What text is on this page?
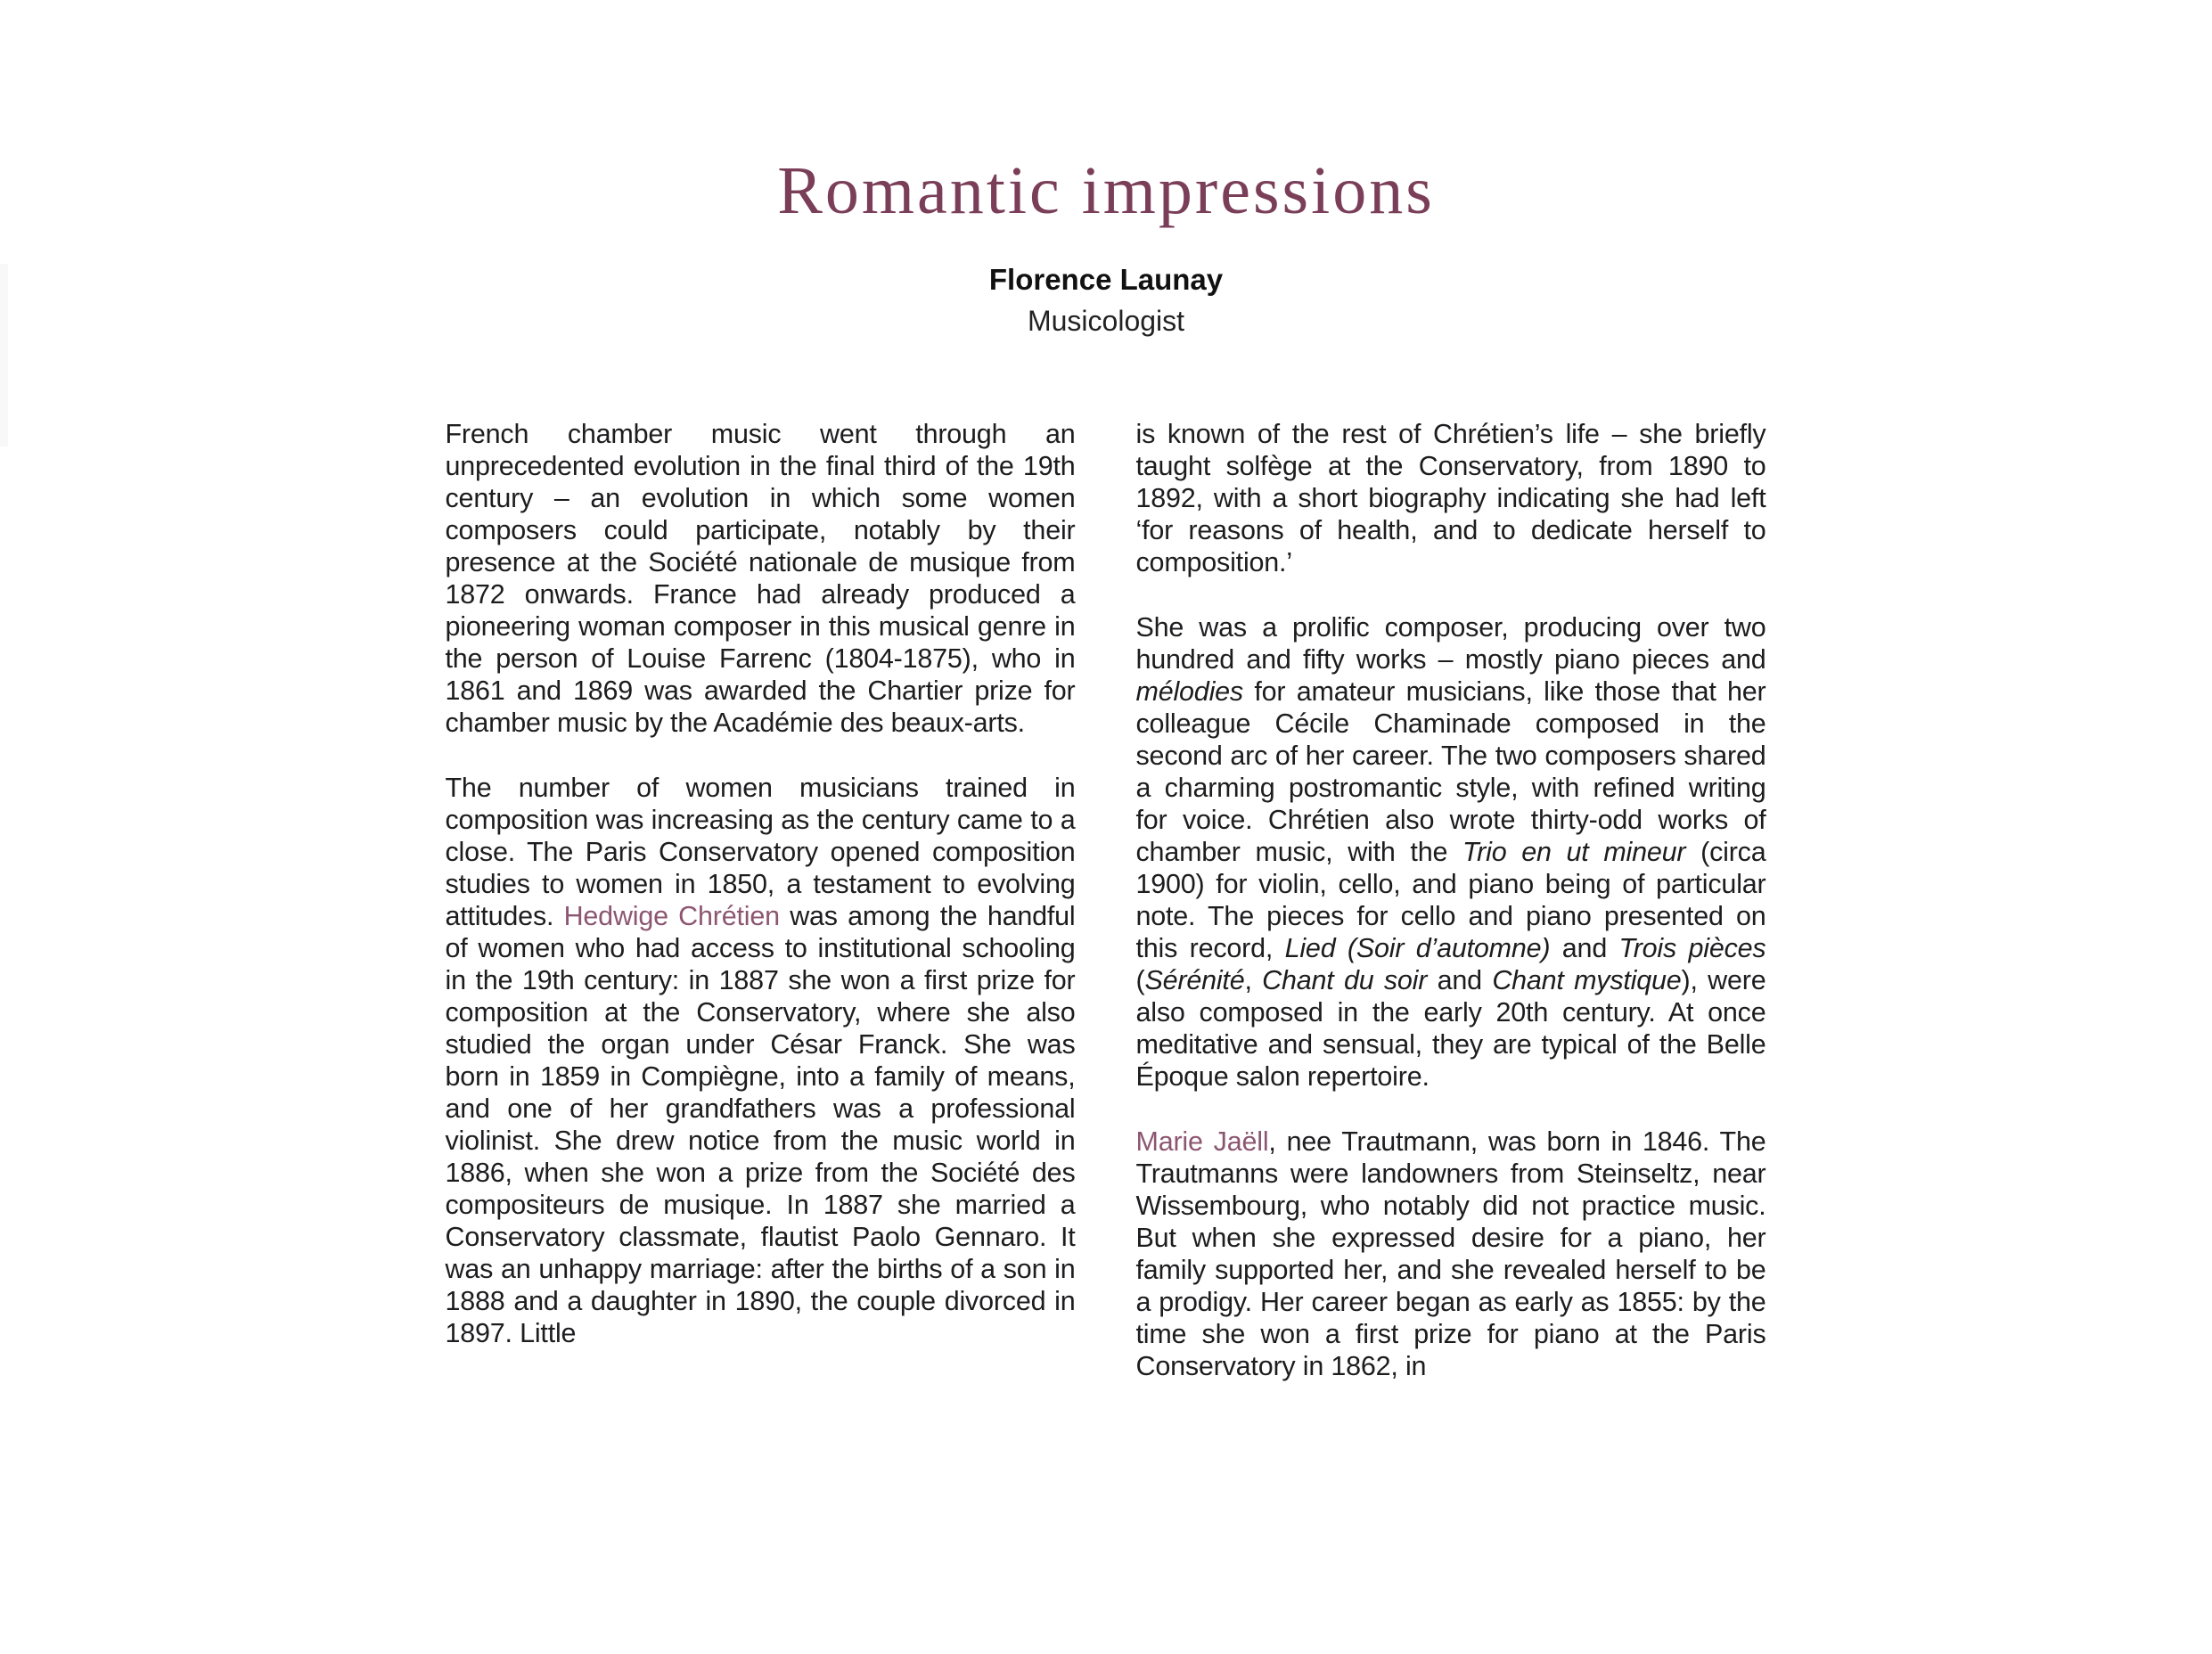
Romantic impressions
Florence Launay
Musicologist

French chamber music went through an unprecedented evolution in the final third of the 19th century – an evolution in which some women composers could participate, notably by their presence at the Société nationale de musique from 1872 onwards. France had already produced a pioneering woman composer in this musical genre in the person of Louise Farrenc (1804-1875), who in 1861 and 1869 was awarded the Chartier prize for chamber music by the Académie des beaux-arts.

The number of women musicians trained in composition was increasing as the century came to a close. The Paris Conservatory opened composition studies to women in 1850, a testament to evolving attitudes. Hedwige Chrétien was among the handful of women who had access to institutional schooling in the 19th century: in 1887 she won a first prize for composition at the Conservatory, where she also studied the organ under César Franck. She was born in 1859 in Compiègne, into a family of means, and one of her grandfathers was a professional violinist. She drew notice from the music world in 1886, when she won a prize from the Société des compositeurs de musique. In 1887 she married a Conservatory classmate, flautist Paolo Gennaro. It was an unhappy marriage: after the births of a son in 1888 and a daughter in 1890, the couple divorced in 1897. Little

is known of the rest of Chrétien’s life – she briefly taught solfège at the Conservatory, from 1890 to 1892, with a short biography indicating she had left ‘for reasons of health, and to dedicate herself to composition.’

She was a prolific composer, producing over two hundred and fifty works – mostly piano pieces and mélodies for amateur musicians, like those that her colleague Cécile Chaminade composed in the second arc of her career. The two composers shared a charming postromantic style, with refined writing for voice. Chrétien also wrote thirty-odd works of chamber music, with the Trio en ut mineur (circa 1900) for violin, cello, and piano being of particular note. The pieces for cello and piano presented on this record, Lied (Soir d’automne) and Trois pièces (Sérénité, Chant du soir and Chant mystique), were also composed in the early 20th century. At once meditative and sensual, they are typical of the Belle Époque salon repertoire.

Marie Jaëll, nee Trautmann, was born in 1846. The Trautmanns were landowners from Steinseltz, near Wissembourg, who notably did not practice music. But when she expressed desire for a piano, her family supported her, and she revealed herself to be a prodigy. Her career began as early as 1855: by the time she won a first prize for piano at the Paris Conservatory in 1862, in
